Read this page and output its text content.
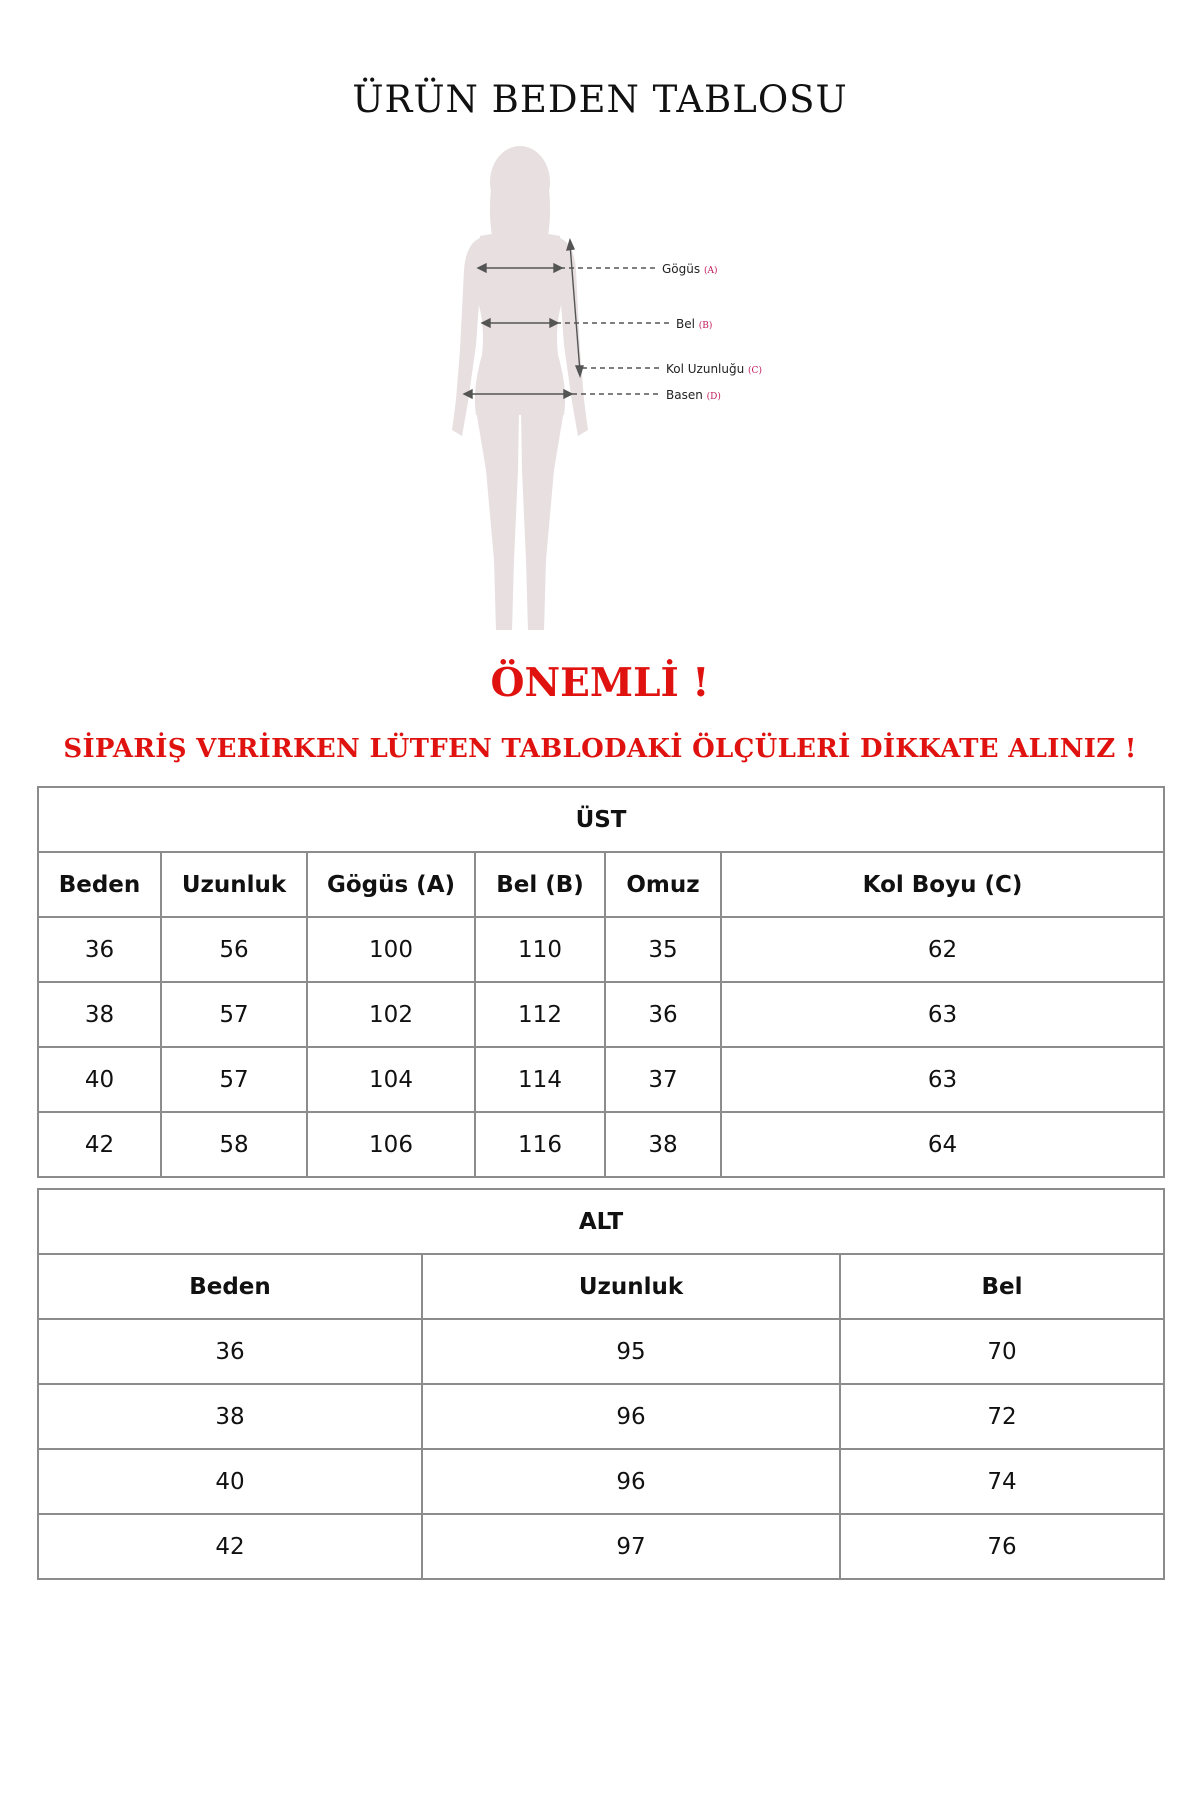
ÜRÜN BEDEN TABLOSU
Gögüs (A)
Bel (B)
Kol Uzunluğu (C)
Basen (D)
ÖNEMLİ !
SİPARİŞ VERİRKEN LÜTFEN TABLODAKİ ÖLÇÜLERİ DİKKATE ALINIZ !
ÜST					
Beden	Uzunluk	Gögüs (A)	Bel (B)	Omuz	Kol Boyu (C)
36	56	100	110	35	62
38	57	102	112	36	63
40	57	104	114	37	63
42	58	106	116	38	64
ALT		
Beden	Uzunluk	Bel
36	95	70
38	96	72
40	96	74
42	97	76
